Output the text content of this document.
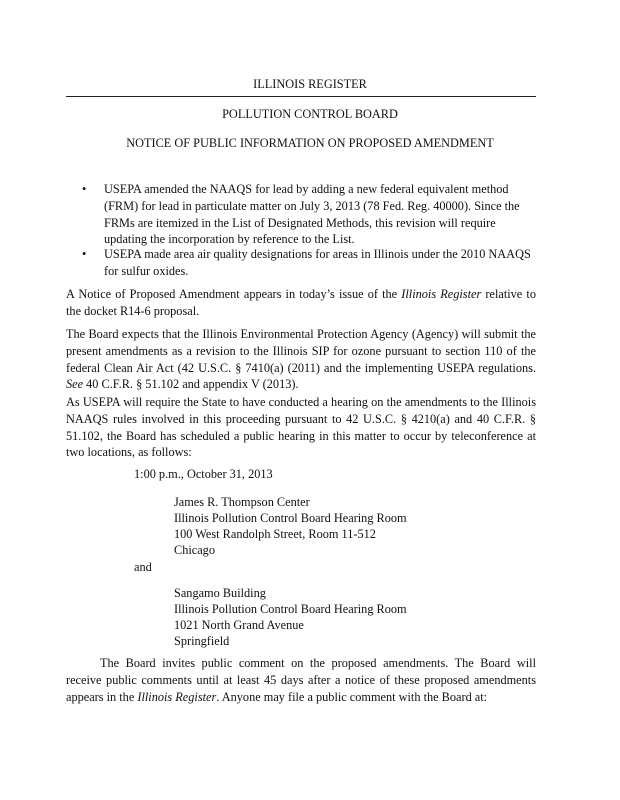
ILLINOIS REGISTER
POLLUTION CONTROL BOARD
NOTICE OF PUBLIC INFORMATION ON PROPOSED AMENDMENT
• USEPA amended the NAAQS for lead by adding a new federal equivalent method (FRM) for lead in particulate matter on July 3, 2013 (78 Fed. Reg. 40000). Since the FRMs are itemized in the List of Designated Methods, this revision will require updating the incorporation by reference to the List.
• USEPA made area air quality designations for areas in Illinois under the 2010 NAAQS for sulfur oxides.
A Notice of Proposed Amendment appears in today’s issue of the Illinois Register relative to the docket R14-6 proposal.
The Board expects that the Illinois Environmental Protection Agency (Agency) will submit the present amendments as a revision to the Illinois SIP for ozone pursuant to section 110 of the federal Clean Air Act (42 U.S.C. § 7410(a) (2011) and the implementing USEPA regulations. See 40 C.F.R. § 51.102 and appendix V (2013).
As USEPA will require the State to have conducted a hearing on the amendments to the Illinois NAAQS rules involved in this proceeding pursuant to 42 U.S.C. § 4210(a) and 40 C.F.R. § 51.102, the Board has scheduled a public hearing in this matter to occur by teleconference at two locations, as follows:
1:00 p.m., October 31, 2013
James R. Thompson Center
Illinois Pollution Control Board Hearing Room
100 West Randolph Street, Room 11-512
Chicago
and
Sangamo Building
Illinois Pollution Control Board Hearing Room
1021 North Grand Avenue
Springfield
The Board invites public comment on the proposed amendments. The Board will receive public comments until at least 45 days after a notice of these proposed amendments appears in the Illinois Register. Anyone may file a public comment with the Board at:
